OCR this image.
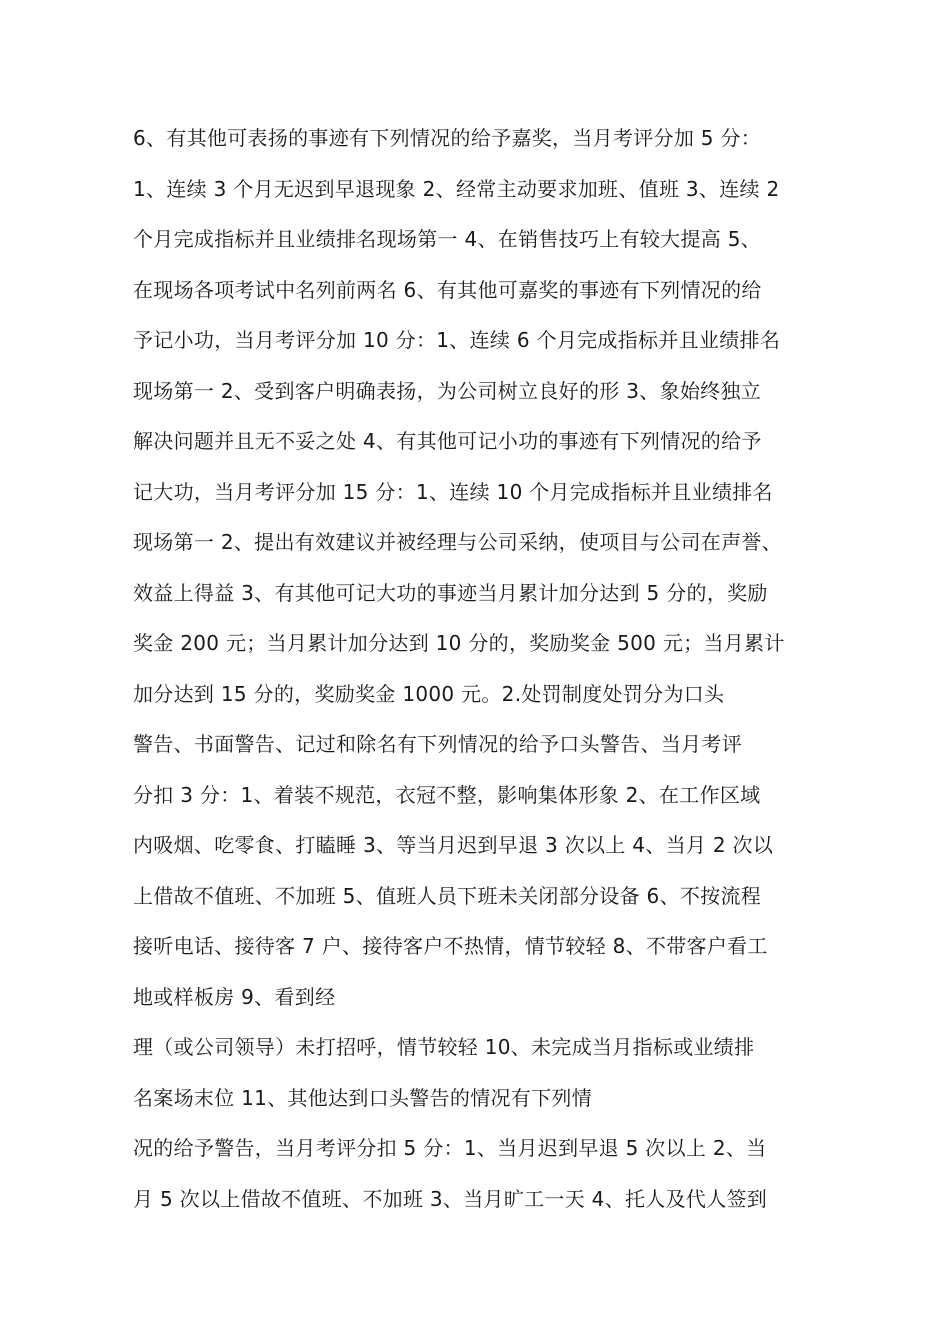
6、有其他可表扬的事迹有下列情况的给予嘉奖，当月考评分加 5 分：
1、连续 3 个月无迟到早退现象 2、经常主动要求加班、值班 3、连续 2
个月完成指标并且业绩排名现场第一 4、在销售技巧上有较大提高 5、
在现场各项考试中名列前两名 6、有其他可嘉奖的事迹有下列情况的给
予记小功，当月考评分加 10 分：1、连续 6 个月完成指标并且业绩排名
现场第一 2、受到客户明确表扬，为公司树立良好的形 3、象始终独立
解决问题并且无不妥之处 4、有其他可记小功的事迹有下列情况的给予
记大功，当月考评分加 15 分：1、连续 10 个月完成指标并且业绩排名
现场第一 2、提出有效建议并被经理与公司采纳，使项目与公司在声誉、
效益上得益 3、有其他可记大功的事迹当月累计加分达到 5 分的，奖励
奖金 200 元；当月累计加分达到 10 分的，奖励奖金 500 元；当月累计
加分达到 15 分的，奖励奖金 1000 元。2.处罚制度处罚分为口头
警告、书面警告、记过和除名有下列情况的给予口头警告、当月考评
分扣 3 分：1、着装不规范，衣冠不整，影响集体形象 2、在工作区域
内吸烟、吃零食、打瞌睡 3、等当月迟到早退 3 次以上 4、当月 2 次以
上借故不值班、不加班 5、值班人员下班未关闭部分设备 6、不按流程
接听电话、接待客 7 户、接待客户不热情，情节较轻 8、不带客户看工
地或样板房 9、看到经
理（或公司领导）未打招呼，情节较轻 10、未完成当月指标或业绩排
名案场末位 11、其他达到口头警告的情况有下列情
况的给予警告，当月考评分扣 5 分：1、当月迟到早退 5 次以上 2、当
月 5 次以上借故不值班、不加班 3、当月旷工一天 4、托人及代人签到
